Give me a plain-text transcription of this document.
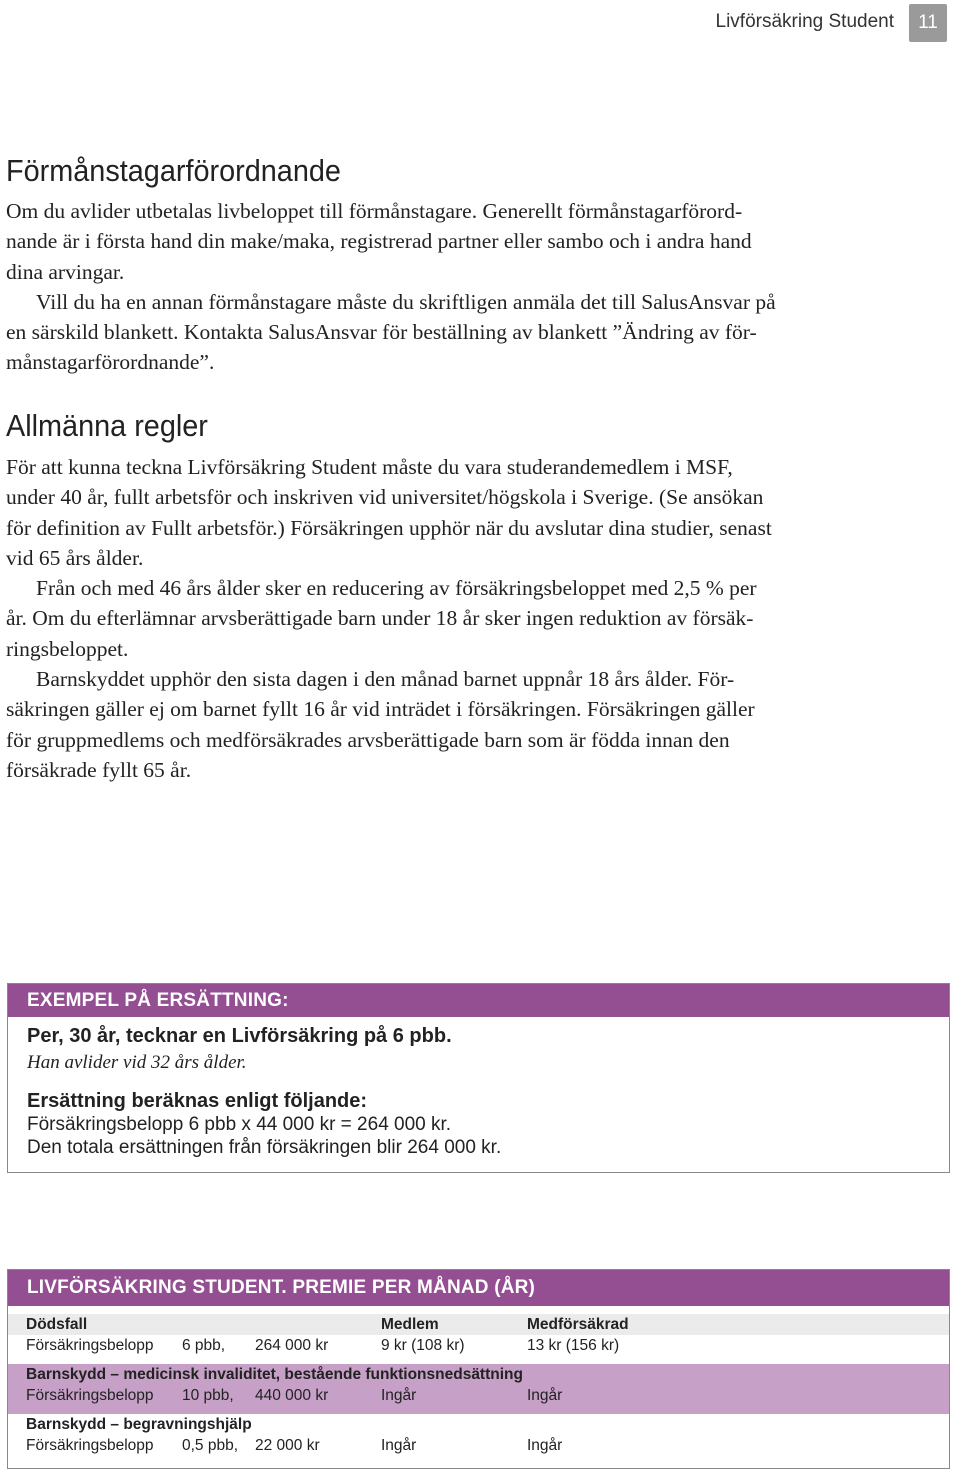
Livförsäkring Student	11
Förmånstagarförordnande

Om du avlider utbetalas livbeloppet till förmånstagare. Generellt förmånstagarförord-

nande är i första hand din make/maka, registrerad partner eller sambo och i andra hand

dina arvingar.

Vill du ha en annan förmånstagare måste du skriftligen anmäla det till SalusAnsvar på

en särskild blankett. Kontakta SalusAnsvar för beställning av blankett ”Ändring av för-

månstagarförordnande”.

Allmänna regler

För att kunna teckna Livförsäkring Student måste du vara studerandemedlem i MSF,

under 40 år, fullt arbetsför och inskriven vid universitet/högskola i Sverige. (Se ansökan

för definition av Fullt arbetsför.) Försäkringen upphör när du avslutar dina studier, senast

vid 65 års ålder.

Från och med 46 års ålder sker en reducering av försäkringsbeloppet med 2,5 % per

år. Om du efterlämnar arvsberättigade barn under 18 år sker ingen reduktion av försäk-

ringsbeloppet.

Barnskyddet upphör den sista dagen i den månad barnet uppnår 18 års ålder. För-

säkringen gäller ej om barnet fyllt 16 år vid inträdet i försäkringen. Försäkringen gäller

för gruppmedlems och medförsäkrades arvsberättigade barn som är födda innan den

försäkrade fyllt 65 år.

EXEMPEL PÅ ERSÄTTNING:

Per, 30 år, tecknar en Livförsäkring på 6 pbb.

Han avlider vid 32 års ålder.

Ersättning beräknas enligt följande:

Försäkringsbelopp 6 pbb x 44 000 kr = 264 000 kr.

Den totala ersättningen från försäkringen blir 264 000 kr.

LIVFÖRSÄKRING STUDENT. PREMIE PER MÅNAD (ÅR)

Dödsfall			Medlem	Medförsäkrad
Försäkringsbelopp	6 pbb,	264 000 kr	9 kr (108 kr)	13 kr (156 kr)

Barnskydd – medicinsk invaliditet, bestående funktionsnedsättning				
Försäkringsbelopp	10 pbb,	440 000 kr	Ingår	Ingår

Barnskydd – begravningshjälp				
Försäkringsbelopp	0,5 pbb,	22 000 kr	Ingår	Ingår
